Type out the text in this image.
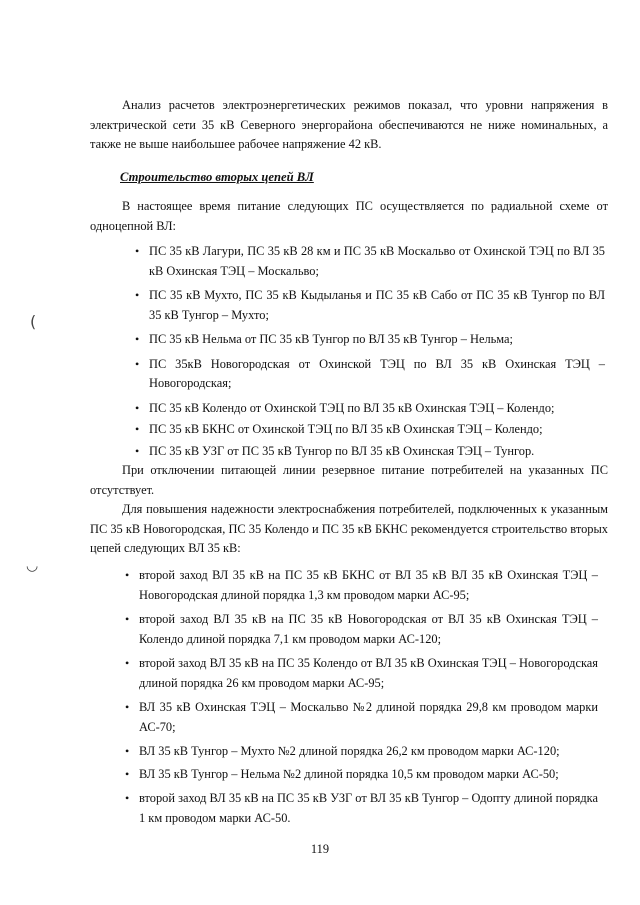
Анализ расчетов электроэнергетических режимов показал, что уровни напряжения в электрической сети 35 кВ Северного энергорайона обеспечиваются не ниже номинальных, а также не выше наибольшее рабочее напряжение 42 кВ.

Строительство вторых цепей ВЛ

В настоящее время питание следующих ПС осуществляется по радиальной схеме от одноцепной ВЛ:

• ПС 35 кВ Лагури, ПС 35 кВ 28 км и ПС 35 кВ Москальво от Охинской ТЭЦ по ВЛ 35 кВ Охинская ТЭЦ – Москальво;
• ПС 35 кВ Мухто, ПС 35 кВ Кыдыланья и ПС 35 кВ Сабо от ПС 35 кВ Тунгор по ВЛ 35 кВ Тунгор – Мухто;
• ПС 35 кВ Нельма от ПС 35 кВ Тунгор по ВЛ 35 кВ Тунгор – Нельма;
• ПС 35кВ Новогородская от Охинской ТЭЦ по ВЛ 35 кВ Охинская ТЭЦ – Новогородская;
• ПС 35 кВ Колендо от Охинской ТЭЦ по ВЛ 35 кВ Охинская ТЭЦ – Колендо;
• ПС 35 кВ БКНС от Охинской ТЭЦ по ВЛ 35 кВ Охинская ТЭЦ – Колендо;
• ПС 35 кВ УЗГ от ПС 35 кВ Тунгор по ВЛ 35 кВ Охинская ТЭЦ – Тунгор.

При отключении питающей линии резервное питание потребителей на указанных ПС отсутствует.

Для повышения надежности электроснабжения потребителей, подключенных к указанным ПС 35 кВ Новогородская, ПС 35 Колендо и ПС 35 кВ БКНС рекомендуется строительство вторых цепей следующих ВЛ 35 кВ:

• второй заход ВЛ 35 кВ на ПС 35 кВ БКНС от ВЛ 35 кВ ВЛ 35 кВ Охинская ТЭЦ – Новогородская длиной порядка 1,3 км проводом марки АС-95;
• второй заход ВЛ 35 кВ на ПС 35 кВ Новогородская от ВЛ 35 кВ Охинская ТЭЦ – Колендо длиной порядка 7,1 км проводом марки АС-120;
• второй заход ВЛ 35 кВ на ПС 35 Колендо от ВЛ 35 кВ Охинская ТЭЦ – Новогородская длиной порядка 26 км проводом марки АС-95;
• ВЛ 35 кВ Охинская ТЭЦ – Москальво №2 длиной порядка 29,8 км проводом марки АС-70;
• ВЛ 35 кВ Тунгор – Мухто №2 длиной порядка 26,2 км проводом марки АС-120;
• ВЛ 35 кВ Тунгор – Нельма №2 длиной порядка 10,5 км проводом марки АС-50;
• второй заход ВЛ 35 кВ на ПС 35 кВ УЗГ от ВЛ 35 кВ Тунгор – Одопту длиной порядка 1 км проводом марки АС-50.
119
(
◡
